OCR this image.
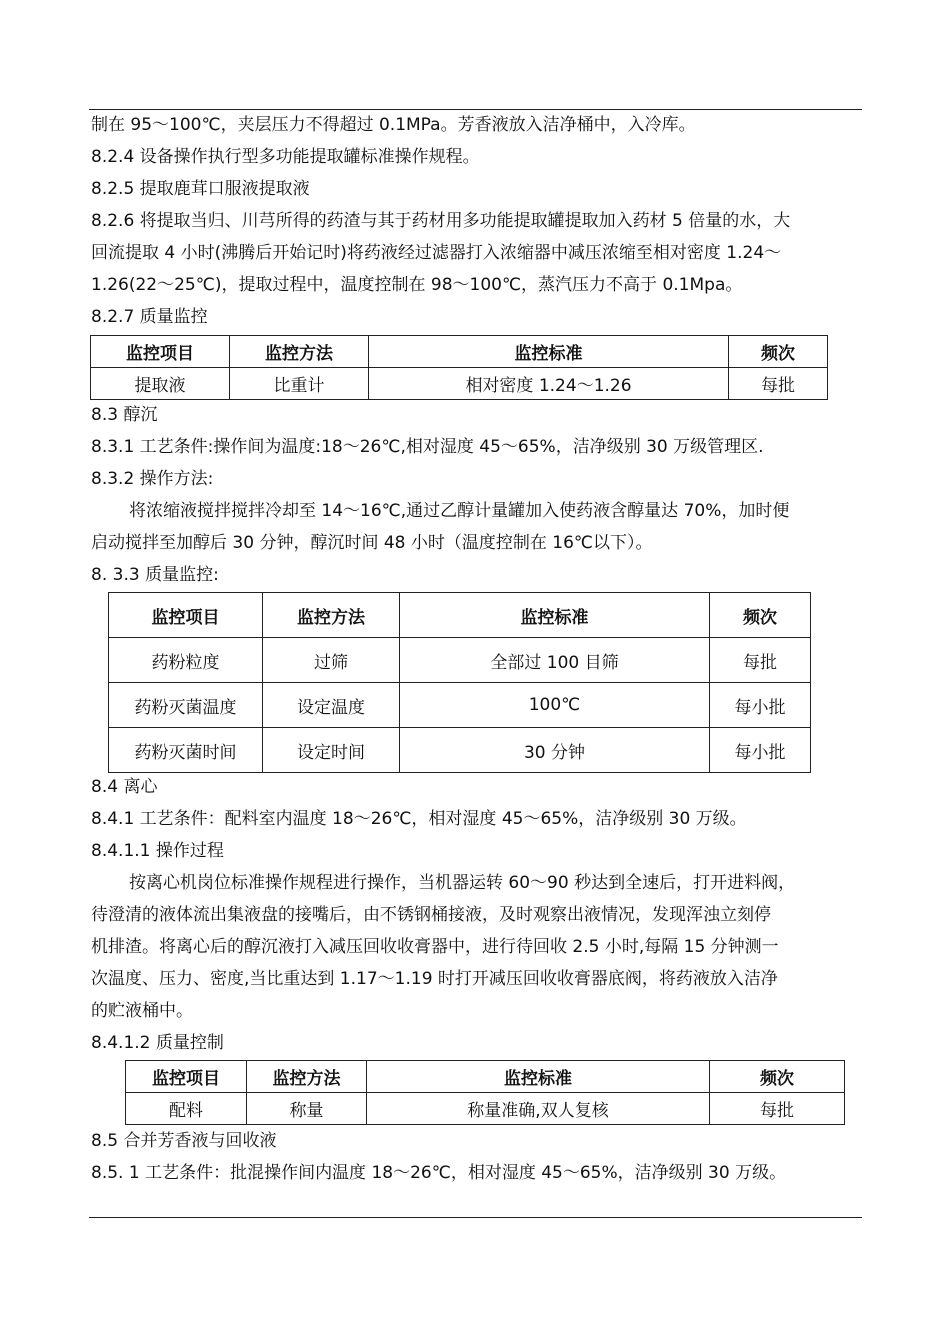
制在 95～100℃，夹层压力不得超过 0.1MPa。芳香液放入洁净桶中，入冷库。
8.2.4 设备操作执行型多功能提取罐标准操作规程。
8.2.5 提取鹿茸口服液提取液
8.2.6 将提取当归、川芎所得的药渣与其于药材用多功能提取罐提取加入药材 5 倍量的水，大
回流提取 4 小时(沸腾后开始记时)将药液经过滤器打入浓缩器中减压浓缩至相对密度 1.24～
1.26(22～25℃)，提取过程中，温度控制在 98～100℃，蒸汽压力不高于 0.1Mpa。
8.2.7 质量监控
监控项目	监控方法	监控标准	频次
提取液	比重计	相对密度 1.24～1.26	每批
8.3 醇沉
8.3.1 工艺条件:操作间为温度:18～26℃,相对湿度 45～65%，洁净级别 30 万级管理区.
8.3.2 操作方法:
将浓缩液搅拌搅拌冷却至 14～16℃,通过乙醇计量罐加入使药液含醇量达 70%，加时便
启动搅拌至加醇后 30 分钟，醇沉时间 48 小时（温度控制在 16℃以下）。
8. 3.3 质量监控:
监控项目	监控方法	监控标准	频次
药粉粒度	过筛	全部过 100 目筛	每批
药粉灭菌温度	设定温度	100℃	每小批
药粉灭菌时间	设定时间	30 分钟	每小批
8.4 离心
8.4.1 工艺条件：配料室内温度 18～26℃，相对湿度 45～65%，洁净级别 30 万级。
8.4.1.1 操作过程
按离心机岗位标准操作规程进行操作，当机器运转 60～90 秒达到全速后，打开进料阀，
待澄清的液体流出集液盘的接嘴后，由不锈钢桶接液，及时观察出液情况，发现浑浊立刻停
机排渣。将离心后的醇沉液打入减压回收收膏器中，进行待回收 2.5 小时,每隔 15 分钟测一
次温度、压力、密度,当比重达到 1.17～1.19 时打开减压回收收膏器底阀，将药液放入洁净
的贮液桶中。
8.4.1.2 质量控制
监控项目	监控方法	监控标准	频次
配料	称量	称量准确,双人复核	每批
8.5 合并芳香液与回收液
8.5. 1 工艺条件：批混操作间内温度 18～26℃，相对湿度 45～65%，洁净级别 30 万级。
